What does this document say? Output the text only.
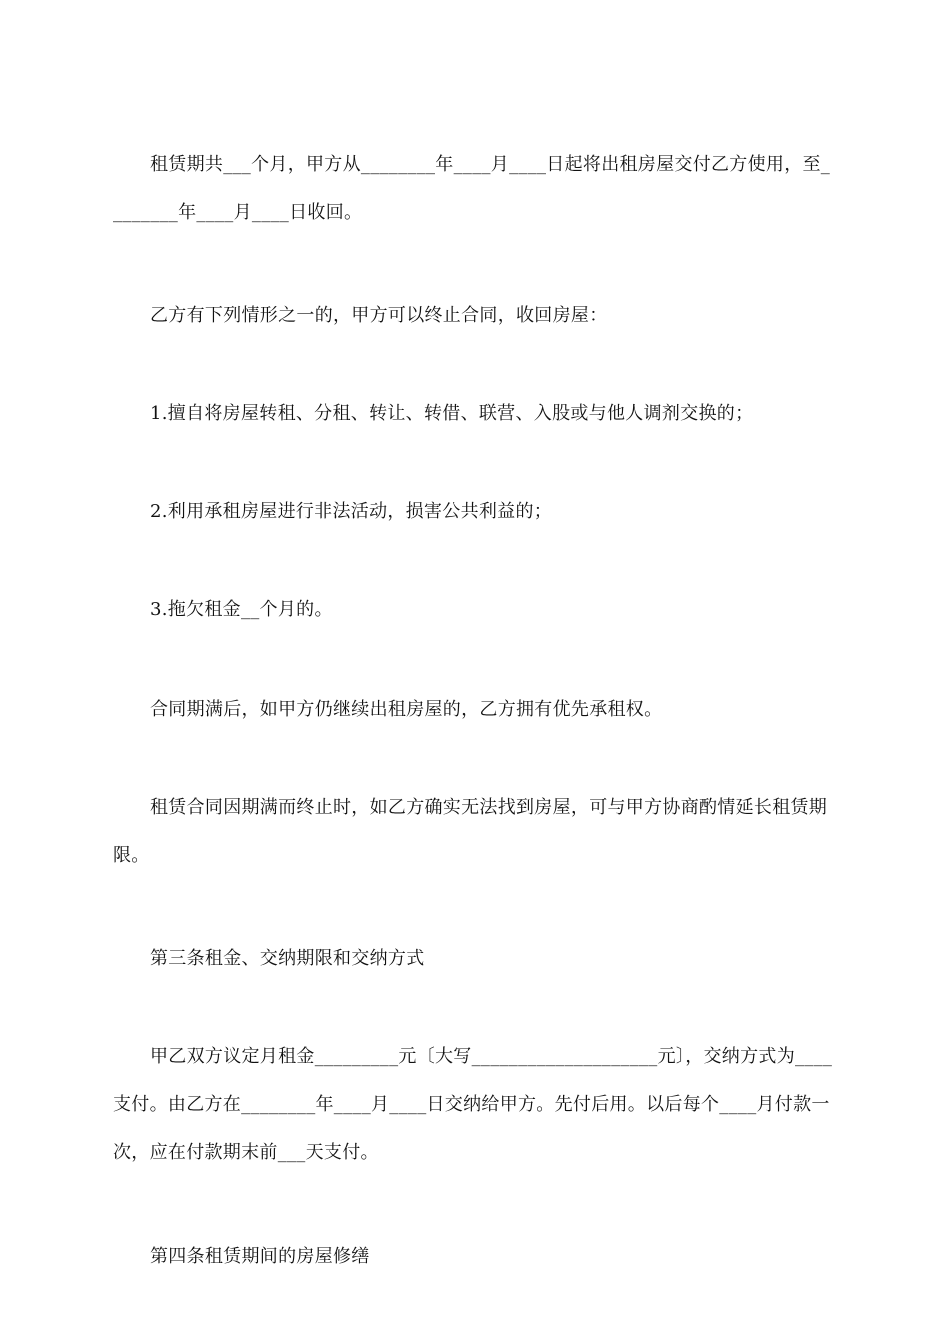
租赁期共___个月，甲方从________年____月____日起将出租房屋交付乙方使用，至________年____月____日收回。

乙方有下列情形之一的，甲方可以终止合同，收回房屋：

1.擅自将房屋转租、分租、转让、转借、联营、入股或与他人调剂交换的；

2.利用承租房屋进行非法活动，损害公共利益的；

3.拖欠租金__个月的。

合同期满后，如甲方仍继续出租房屋的，乙方拥有优先承租权。

租赁合同因期满而终止时，如乙方确实无法找到房屋，可与甲方协商酌情延长租赁期限。

第三条租金、交纳期限和交纳方式

甲乙双方议定月租金_________元〔大写____________________元〕，交纳方式为____支付。由乙方在________年____月____日交纳给甲方。先付后用。以后每个____月付款一次，应在付款期末前___天支付。

第四条租赁期间的房屋修缮
